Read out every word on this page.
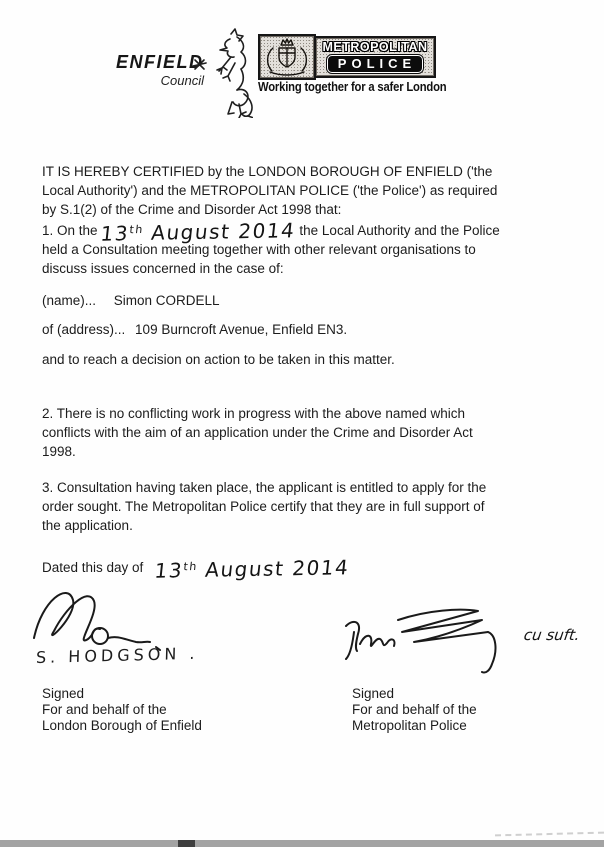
ENFIELD
Council
METROPOLITAN
POLICE
Working together for a safer London
IT IS HEREBY CERTIFIED by the LONDON BOROUGH OF ENFIELD ('the Local Authority') and the METROPOLITAN POLICE ('the Police') as required by S.1(2) of the Crime and Disorder Act 1998 that:
1. On the 13th August 2014 the Local Authority and the Police held a Consultation meeting together with other relevant organisations to discuss issues concerned in the case of:
(name)... Simon CORDELL
of (address)... 109 Burncroft Avenue, Enfield EN3.
and to reach a decision on action to be taken in this matter.
2. There is no conflicting work in progress with the above named which conflicts with the aim of an application under the Crime and Disorder Act 1998.
3. Consultation having taken place, the applicant is entitled to apply for the order sought. The Metropolitan Police certify that they are in full support of the application.
Dated this day of 13th August 2014
S. HODGSON .
Signed
For and behalf of the
London Borough of Enfield
cu suft.
Signed
For and behalf of the
Metropolitan Police
